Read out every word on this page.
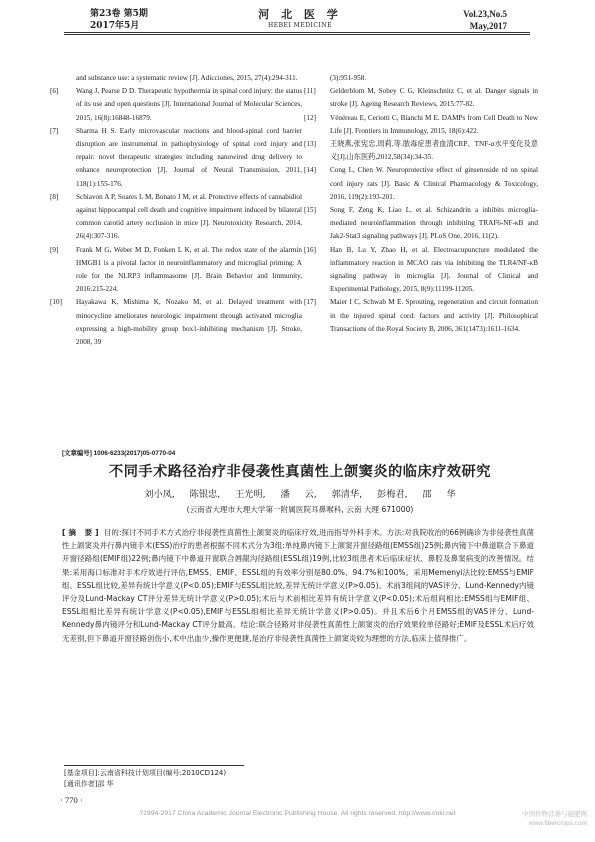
第23卷 第5期
2017年5月
河 北 医 学
HEBEI MEDICINE
Vol.23,No.5
May,2017
and substance use: a systematic review [J]. Adicciones, 2015, 27(4):294-311.
[6] Wang J, Pearse D D. Therapeutic hypothermia in spinal cord injury: the status of its use and open questions [J]. International Journal of Molecular Sciences, 2015, 16(8):16848-16879.
[7] Sharma H S. Early microvascular reactions and blood-spinal cord barrier disruption are instrumental in pathophysiology of spinal cord injury and repair: novel therapeutic strategies including nanowired drug delivery to enhance neuroprotection [J]. Journal of Neural Transmission, 2011, 118(1):155-176.
[8] Schiavon A P, Soares L M, Bonato J M, et al. Protective effects of cannabidiol against hippocampal cell death and cognitive impairment induced by bilateral common carotid artery occlusion in mice [J]. Neurotoxicity Research, 2014, 26(4):307-316.
[9] Frank M G, Weber M D, Fonken L K, et al. The redox state of the alarmin HMGB1 is a pivotal factor in neuroinflammatory and microglial priming: A role for the NLRP3 inflammasome [J]. Brain Behavior and Immunity, 2016:215-224.
[10] Hayakawa K, Mishima K, Nozako M, et al. Delayed treatment with minocycline ameliorates neurologic impairment through activated microglia expressing a high-mobility group box1-inhibiting mechanism [J]. Stroke, 2008, 39
(3):951-958.
[11] Gelderblom M, Sobey C G, Kleinschnitz C, et al. Danger signals in stroke [J]. Ageing Research Reviews, 2015:77-82.
[12] Vénéreau E, Ceriotti C, Bianchi M E. DAMPs from Cell Death to New Life [J]. Frontiers in Immunology, 2015, 18(6):422.
[13] 王晓燕,张宪忠,周莉,等.脓毒症患者血清CRP、TNF-α水平变化及意义[J].山东医药,2012,58(34):34-35.
[14] Cong L, Chen W. Neuroprotective effect of ginsenoside rd on spinal cord injury rats [J]. Basic & Clinical Pharmacology & Toxicology, 2016, 119(2):193-201.
[15] Song F, Zeng K, Liao L, et al. Schizandrin a inhibits microglia-mediated neuroinflammation through inhibiting TRAF6-NF-κB and Jak2-Stat3 signaling pathways [J]. PLoS One, 2016, 11(2).
[16] Han B, Lu Y, Zhao H, et al. Electroacupuncture modulated the inflammatory reaction in MCAO rats via inhibiting the TLR4/NF-κB signaling pathway in microglia [J]. Journal of Clinical and Experimental Pathology, 2015, 8(9):11199-11205.
[17] Maier I C, Schwab M E. Sprouting, regeneration and circuit formation in the injured spinal cord: factors and activity [J]. Philosophical Transactions of the Royal Society B, 2006, 361(1473):1611-1634.
[文章编号] 1006-6233(2017)05-0770-04
不同手术路径治疗非侵袭性真菌性上颌窦炎的临床疗效研究
刘小凤, 陈银忠, 王光明, 潘 云, 郭清华, 彭梅君, 邵 华
(云南省大理市大理大学第一附属医院耳鼻喉科, 云南 大理 671000)
[摘 要] 目的:探讨不同手术方式治疗非侵袭性真菌性上颌窦炎的临床疗效,进而指导外科手术。方法:对我院收治的66例确诊为非侵袭性真菌性上颌窦炎并行鼻内镜手术(ESS)治疗的患者根据不同术式分为3组:单纯鼻内镜下上颌窦开窗径路组(EMSS组)25例;鼻内镜下中鼻道联合下鼻道开窗径路组(EMIF组)22例;鼻内镜下中鼻道开窗联合唇龈沟径路组(ESSL组)19例,比较3组患者术后临床症状、鼻腔及鼻窦病变的改善情况。结果:采用海口标准对手术疗效进行评估,EMSS、EMIF、ESSL组的有效率分别是80.0%、94.7%和100%。采用Memenyi法比较:EMSS与EMIF组、ESSL组比较,差异有统计学意义(P<0.05);EMIF与ESSL组比较,差异无统计学意义(P>0.05)。术前3组间的VAS评分、Lund-Kennedy内镜评分及Lund-Mackay CT评分差异无统计学意义(P>0.05);术后与术前相比差异有统计学意义(P<0.05);术后组间相比:EMSS组与EMIF组、ESSL组相比差异有统计学意义(P<0.05),EMIF与ESSL组相比差异无统计学意义(P>0.05)。并且术后6个月EMSS组的VAS评分、Lund-Kennedy鼻内镜评分和Lund-Mackay CT评分最高。结论:联合径路对非侵袭性真菌性上颌窦炎的治疗效果较单径路好;EMIF及ESSL术后疗效无差别,但下鼻道开窗径路创伤小,术中出血少,操作更便捷,是治疗非侵袭性真菌性上颌窦炎较为理想的方法,临床上值得推广。
[基金项目]:云南省科技计划项目(编号:2010CD124)
[通讯作者]邵 华
· 770 ·
?1994-2017 China Academic Journal Electronic Publishing House. All rights reserved. http://www.cnki.net	中国作物营养与施肥网
www.fibercrops.com
